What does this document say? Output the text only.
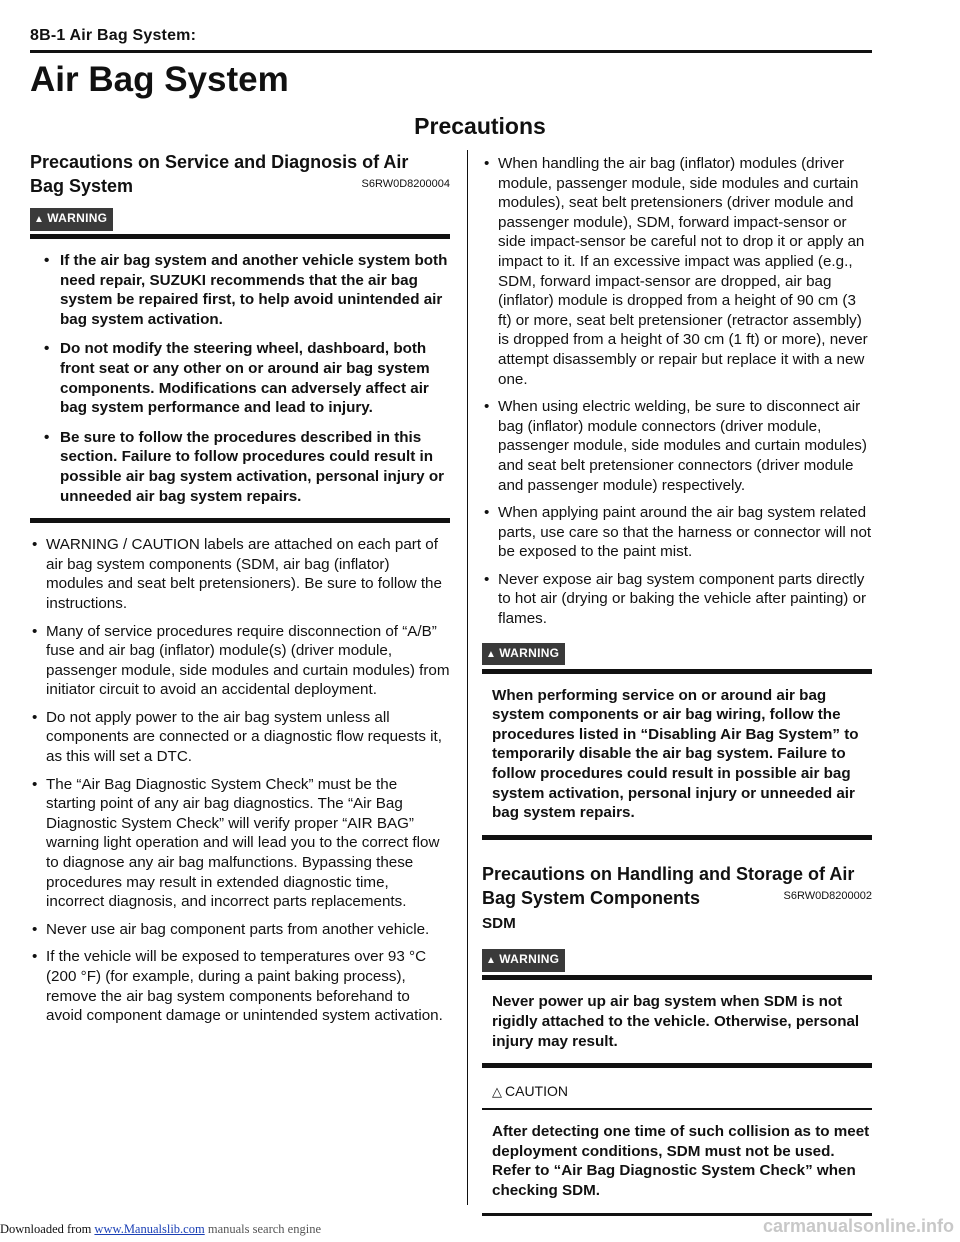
8B-1 Air Bag System:
Air Bag System
Precautions
Precautions on Service and Diagnosis of Air Bag System	S6RW0D8200004
▲ WARNING
• If the air bag system and another vehicle system both need repair, SUZUKI recommends that the air bag system be repaired first, to help avoid unintended air bag system activation.
• Do not modify the steering wheel, dashboard, both front seat or any other on or around air bag system components. Modifications can adversely affect air bag system performance and lead to injury.
• Be sure to follow the procedures described in this section. Failure to follow procedures could result in possible air bag system activation, personal injury or unneeded air bag system repairs.
• WARNING / CAUTION labels are attached on each part of air bag system components (SDM, air bag (inflator) modules and seat belt pretensioners). Be sure to follow the instructions.
• Many of service procedures require disconnection of “A/B” fuse and air bag (inflator) module(s) (driver module, passenger module, side modules and curtain modules) from initiator circuit to avoid an accidental deployment.
• Do not apply power to the air bag system unless all components are connected or a diagnostic flow requests it, as this will set a DTC.
• The “Air Bag Diagnostic System Check” must be the starting point of any air bag diagnostics. The “Air Bag Diagnostic System Check” will verify proper “AIR BAG” warning light operation and will lead you to the correct flow to diagnose any air bag malfunctions. Bypassing these procedures may result in extended diagnostic time, incorrect diagnosis, and incorrect parts replacements.
• Never use air bag component parts from another vehicle.
• If the vehicle will be exposed to temperatures over 93 °C (200 °F) (for example, during a paint baking process), remove the air bag system components beforehand to avoid component damage or unintended system activation.
• When handling the air bag (inflator) modules (driver module, passenger module, side modules and curtain modules), seat belt pretensioners (driver module and passenger module), SDM, forward impact-sensor or side impact-sensor be careful not to drop it or apply an impact to it. If an excessive impact was applied (e.g., SDM, forward impact-sensor are dropped, air bag (inflator) module is dropped from a height of 90 cm (3 ft) or more, seat belt pretensioner (retractor assembly) is dropped from a height of 30 cm (1 ft) or more), never attempt disassembly or repair but replace it with a new one.
• When using electric welding, be sure to disconnect air bag (inflator) module connectors (driver module, passenger module, side modules and curtain modules) and seat belt pretensioner connectors (driver module and passenger module) respectively.
• When applying paint around the air bag system related parts, use care so that the harness or connector will not be exposed to the paint mist.
• Never expose air bag system component parts directly to hot air (drying or baking the vehicle after painting) or flames.
▲ WARNING
When performing service on or around air bag system components or air bag wiring, follow the procedures listed in “Disabling Air Bag System” to temporarily disable the air bag system. Failure to follow procedures could result in possible air bag system activation, personal injury or unneeded air bag system repairs.
Precautions on Handling and Storage of Air Bag System Components	S6RW0D8200002
SDM
▲ WARNING
Never power up air bag system when SDM is not rigidly attached to the vehicle. Otherwise, personal injury may result.
△ CAUTION
After detecting one time of such collision as to meet deployment conditions, SDM must not be used. Refer to “Air Bag Diagnostic System Check” when checking SDM.
Downloaded from www.Manualslib.com manuals search engine	carmanualsonline.info
